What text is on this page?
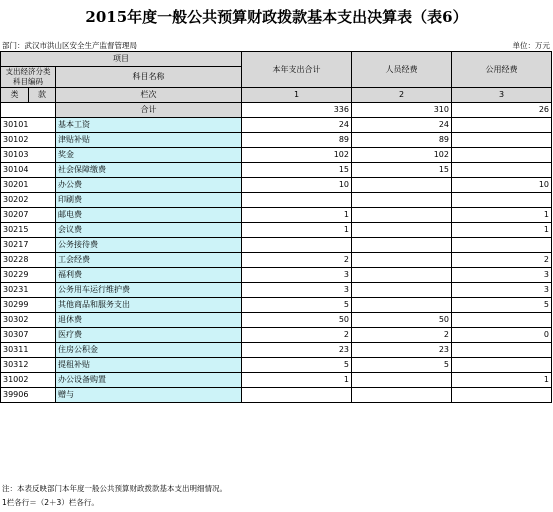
2015年度一般公共预算财政拨款基本支出决算表（表6）
部门：武汉市洪山区安全生产监督管理局	单位：万元
项目			本年支出合计	人员经费	公用经费
支出经济分类科目编码		科目名称			

类	款	栏次	1	2	3
		合计	336	310	26
30101		基本工资	24	24	
30102		津贴补贴	89	89	
30103		奖金	102	102	
30104		社会保障缴费	15	15	
30201		办公费	10		10
30202		印刷费			
30207		邮电费	1		1
30215		会议费	1		1
30217		公务接待费			
30228		工会经费	2		2
30229		福利费	3		3
30231		公务用车运行维护费	3		3
30299		其他商品和服务支出	5		5
30302		退休费	50	50	
30307		医疗费	2	2	0
30311		住房公积金	23	23	
30312		提租补贴	5	5	
31002		办公设备购置	1		1
39906		赠与			
注：本表反映部门本年度一般公共预算财政拨款基本支出明细情况。
1栏各行＝（2＋3）栏各行。
